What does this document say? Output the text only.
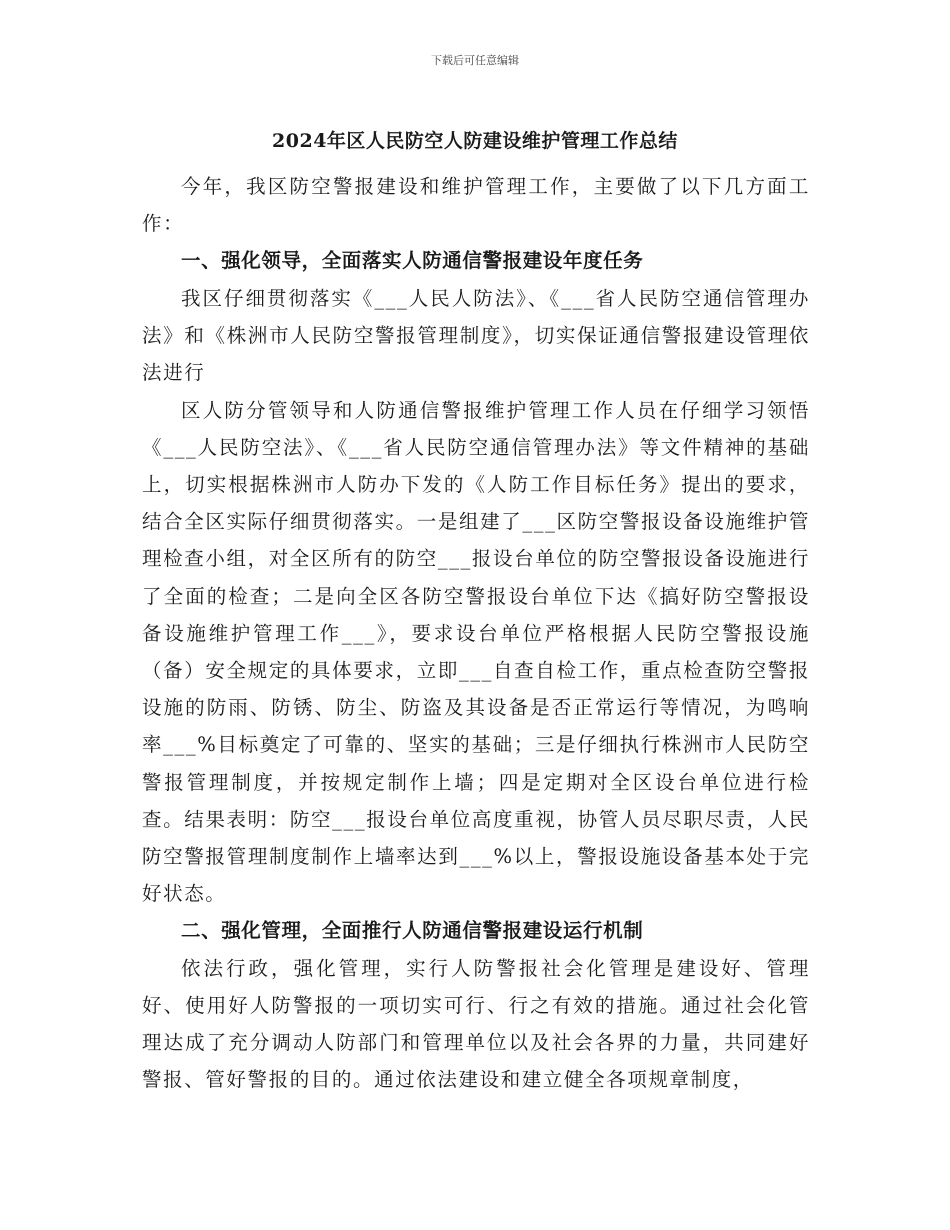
下载后可任意编辑
2024年区人民防空人防建设维护管理工作总结

今年，我区防空警报建设和维护管理工作，主要做了以下几方面工作：

一、强化领导，全面落实人防通信警报建设年度任务

我区仔细贯彻落实《___人民人防法》、《___省人民防空通信管理办法》和《株洲市人民防空警报管理制度》，切实保证通信警报建设管理依法进行

区人防分管领导和人防通信警报维护管理工作人员在仔细学习领悟《___人民防空法》、《___省人民防空通信管理办法》等文件精神的基础上，切实根据株洲市人防办下发的《人防工作目标任务》提出的要求，结合全区实际仔细贯彻落实。一是组建了___区防空警报设备设施维护管理检查小组，对全区所有的防空___报设台单位的防空警报设备设施进行了全面的检查；二是向全区各防空警报设台单位下达《搞好防空警报设备设施维护管理工作___》，要求设台单位严格根据人民防空警报设施（备）安全规定的具体要求，立即___自查自检工作，重点检查防空警报设施的防雨、防锈、防尘、防盗及其设备是否正常运行等情况，为鸣响率___%目标奠定了可靠的、坚实的基础；三是仔细执行株洲市人民防空警报管理制度，并按规定制作上墙；四是定期对全区设台单位进行检查。结果表明：防空___报设台单位高度重视，协管人员尽职尽责，人民防空警报管理制度制作上墙率达到___%以上，警报设施设备基本处于完好状态。

二、强化管理，全面推行人防通信警报建设运行机制

依法行政，强化管理，实行人防警报社会化管理是建设好、管理好、使用好人防警报的一项切实可行、行之有效的措施。通过社会化管理达成了充分调动人防部门和管理单位以及社会各界的力量，共同建好警报、管好警报的目的。通过依法建设和建立健全各项规章制度，
